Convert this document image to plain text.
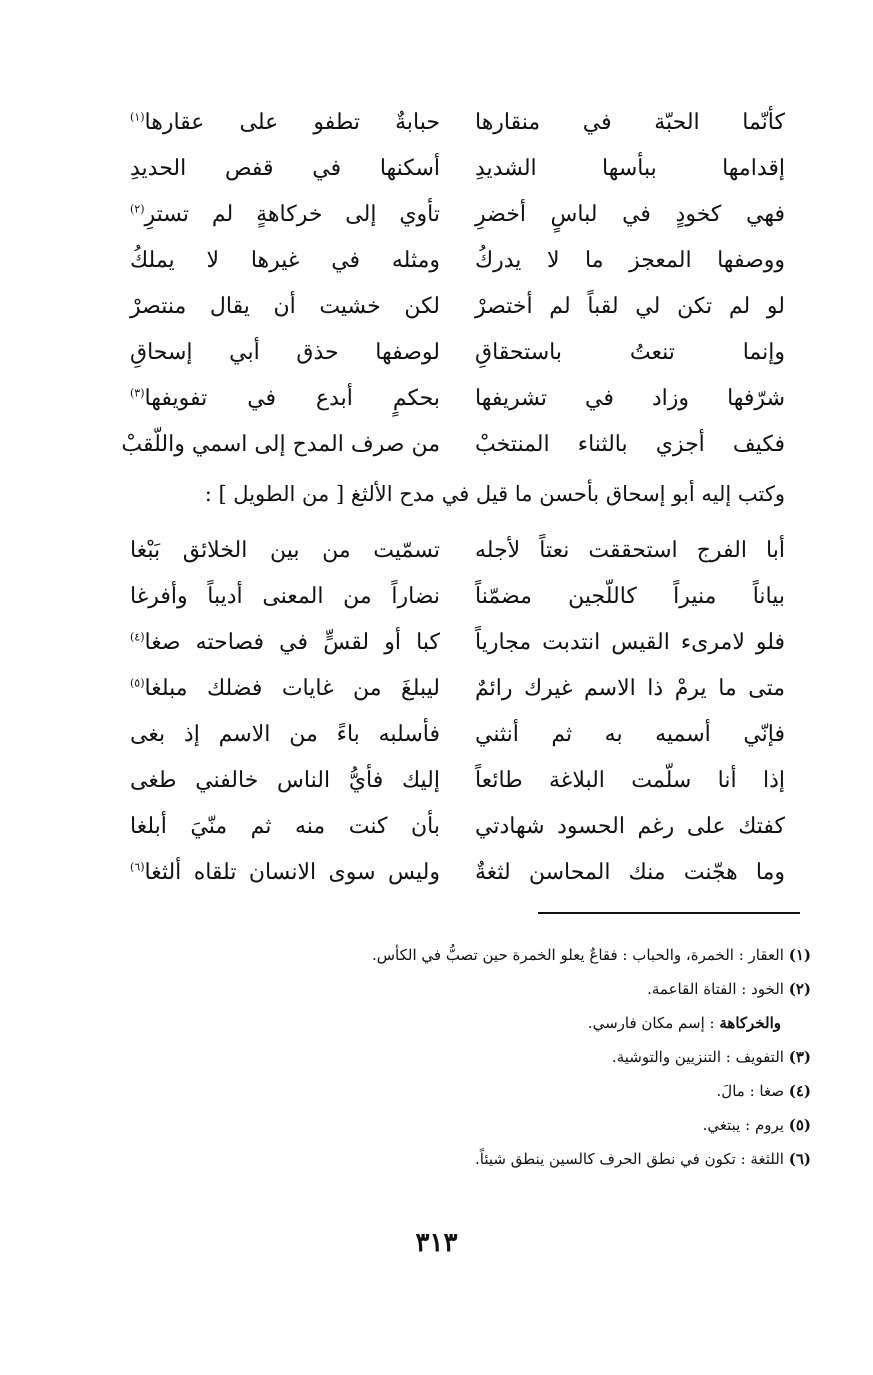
كأنّما الحبّة في منقارها
حبابةٌ تطفو على عقارها$^{(١)}$
إقدامها ببأسها الشديدِ
أسكنها في قفص الحديدِ
فهي كخودٍ في لباسٍ أخضرِ
تأوي إلى خركاهةٍ لم تسترِ$^{(٢)}$
ووصفها المعجز ما لا يدركُ
ومثله في غيرها لا يملكُ
لو لم تكن لي لقباً لم أختصرْ
لكن خشيت أن يقال منتصرْ
وإنما تنعتُ باستحقاقِ
لوصفها حذق أبي إسحاقِ
شرّفها وزاد في تشريفها
بحكمٍ أبدع في تفويفها$^{(٣)}$
فكيف أجزي بالثناء المنتخبْ
من صرف المدح إلى اسمي واللّقبْ
وكتب إليه أبو إسحاق بأحسن ما قيل في مدح الألثغ [ من الطويل ] :
أبا الفرج استحققت نعتاً لأجله
تسمّيت من بين الخلائق بَبْغا
بياناً منيراً كاللّجين مضمّناً
نضاراً من المعنى أديباً وأفرغا
فلو لامرىء القيس انتدبت مجارياً
كبا أو لقسٍّ في فصاحته صغا$^{(٤)}$
متى ما يرمْ ذا الاسم غيرك رائمٌ
ليبلغَ من غايات فضلك مبلغا$^{(٥)}$
فإنّي أسميه به ثم أنثني
فأسلبه باءً من الاسم إذ بغى
إذا أنا سلّمت البلاغة طائعاً
إليك فأيُّ الناس خالفني طغى
كفتك على رغم الحسود شهادتي
بأن كنت منه ثم منّيَ أبلغا
وما هجّنت منك المحاسن لثغةٌ
وليس سوى الانسان تلقاه ألثغا$^{(٦)}$
(١) العقار : الخمرة، والحباب : فقاعٌ يعلو الخمرة حين تصبُّ في الكأس.
(٢) الخود : الفتاة القاعمة.
والخركاهة : إسم مكان فارسي.
(٣) التفويف : التنزيين والتوشية.
(٤) صغا : مالَ.
(٥) يروم : يبتغي.
(٦) اللثغة : تكون في نطق الحرف كالسين ينطق شيئاً.
٣١٣
